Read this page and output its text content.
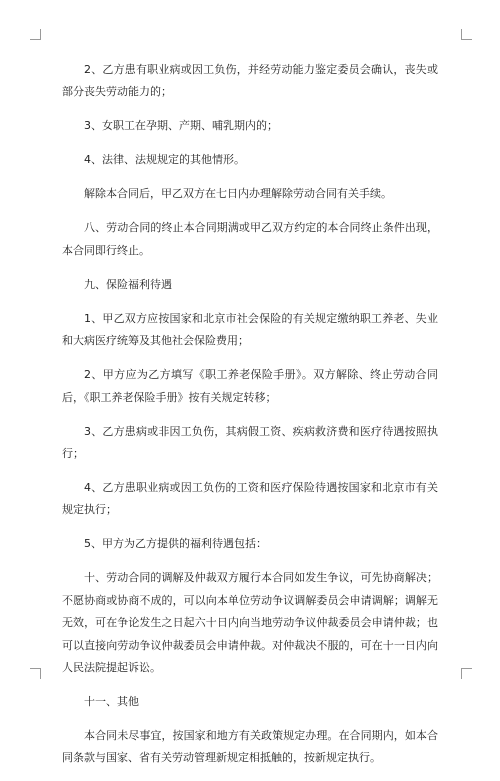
2、乙方患有职业病或因工负伤，并经劳动能力鉴定委员会确认，丧失或部分丧失劳动能力的；

3、女职工在孕期、产期、哺乳期内的；

4、法律、法规规定的其他情形。

解除本合同后，甲乙双方在七日内办理解除劳动合同有关手续。

八、劳动合同的终止本合同期满或甲乙双方约定的本合同终止条件出现，本合同即行终止。

九、保险福利待遇

1、甲乙双方应按国家和北京市社会保险的有关规定缴纳职工养老、失业和大病医疗统筹及其他社会保险费用；

2、甲方应为乙方填写《职工养老保险手册》。双方解除、终止劳动合同后，《职工养老保险手册》按有关规定转移；

3、乙方患病或非因工负伤，其病假工资、疾病救济费和医疗待遇按照执行；

4、乙方患职业病或因工负伤的工资和医疗保险待遇按国家和北京市有关规定执行；

5、甲方为乙方提供的福利待遇包括：

十、劳动合同的调解及仲裁双方履行本合同如发生争议，可先协商解决；不愿协商或协商不成的，可以向本单位劳动争议调解委员会申请调解；调解无无效，可在争论发生之日起六十日内向当地劳动争议仲裁委员会申请仲裁；也可以直接向劳动争议仲裁委员会申请仲裁。对仲裁决不服的，可在十一日内向人民法院提起诉讼。

十一、其他

本合同未尽事宜，按国家和地方有关政策规定办理。在合同期内，如本合同条款与国家、省有关劳动管理新规定相抵触的，按新规定执行。
